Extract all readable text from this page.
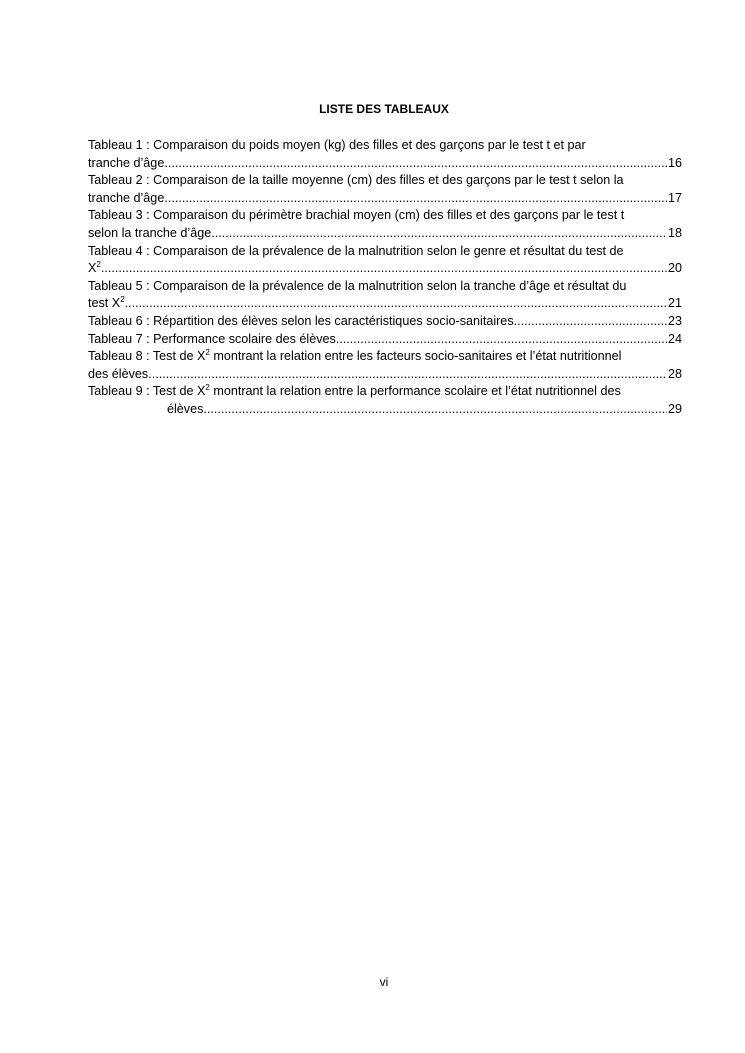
LISTE DES TABLEAUX
Tableau 1 : Comparaison du poids moyen (kg) des filles et des garçons par le test t et par
tranche d’âge .....	16
Tableau 2 : Comparaison de la taille moyenne (cm) des filles et des garçons par le test t selon la
tranche d’âge .....	17
Tableau 3 : Comparaison du périmètre brachial moyen (cm) des filles et des garçons par le test t
selon la tranche d’âge .....	18
Tableau 4 : Comparaison de la prévalence de la malnutrition selon le genre et résultat du test de
$X^2$ .....	20
Tableau 5 : Comparaison de la prévalence de la malnutrition selon la tranche d’âge et résultat du
test $X^2$ .....	21
Tableau 6 : Répartition des élèves selon les caractéristiques socio-sanitaires .....	23
Tableau 7 : Performance scolaire des élèves .....	24
Tableau 8 : Test de $X^2$ montrant la relation entre les facteurs socio-sanitaires et l’état nutritionnel
des élèves .....	28
Tableau 9 : Test de $X^2$ montrant la relation entre la performance scolaire et l’état nutritionnel des
élèves .....	29
vi
